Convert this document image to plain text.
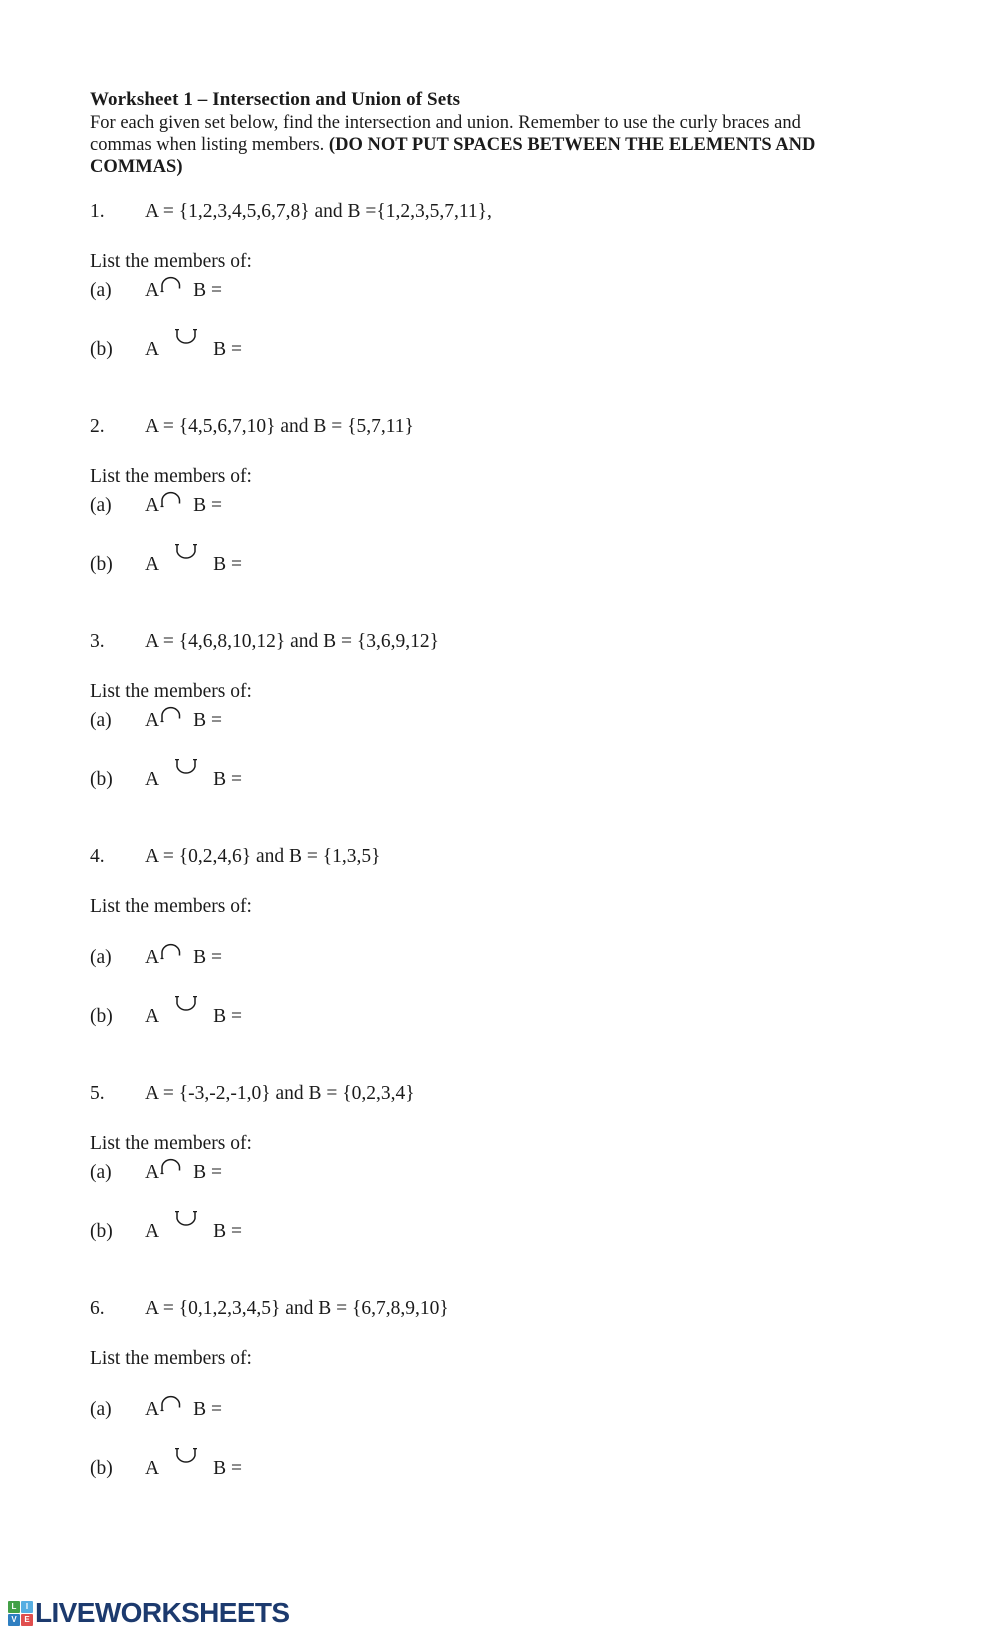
Worksheet 1 – Intersection and Union of Sets
For each given set below, find the intersection and union. Remember to use the curly braces and
commas when listing members. (DO NOT PUT SPACES BETWEEN THE ELEMENTS AND
COMMAS)
1. A = {1,2,3,4,5,6,7,8} and B ={1,2,3,5,7,11},
List the members of:
(a) A B =
(b) A	B =
2. A = {4,5,6,7,10} and B = {5,7,11}
List the members of:
(a) A B =
(b) A	B =
3. A = {4,6,8,10,12} and B = {3,6,9,12}
List the members of:
(a) A B =
(b) A	B =
4. A = {0,2,4,6} and B = {1,3,5}
List the members of:
(a) A B =
(b) A	B =
5. A = {-3,-2,-1,0} and B = {0,2,3,4}
List the members of:
(a) A B =
(b) A	B =
6. A = {0,1,2,3,4,5} and B = {6,7,8,9,10}
List the members of:
(a) A B =
(b) A	B =
L	I
V E LIVEWORKSHEETS
